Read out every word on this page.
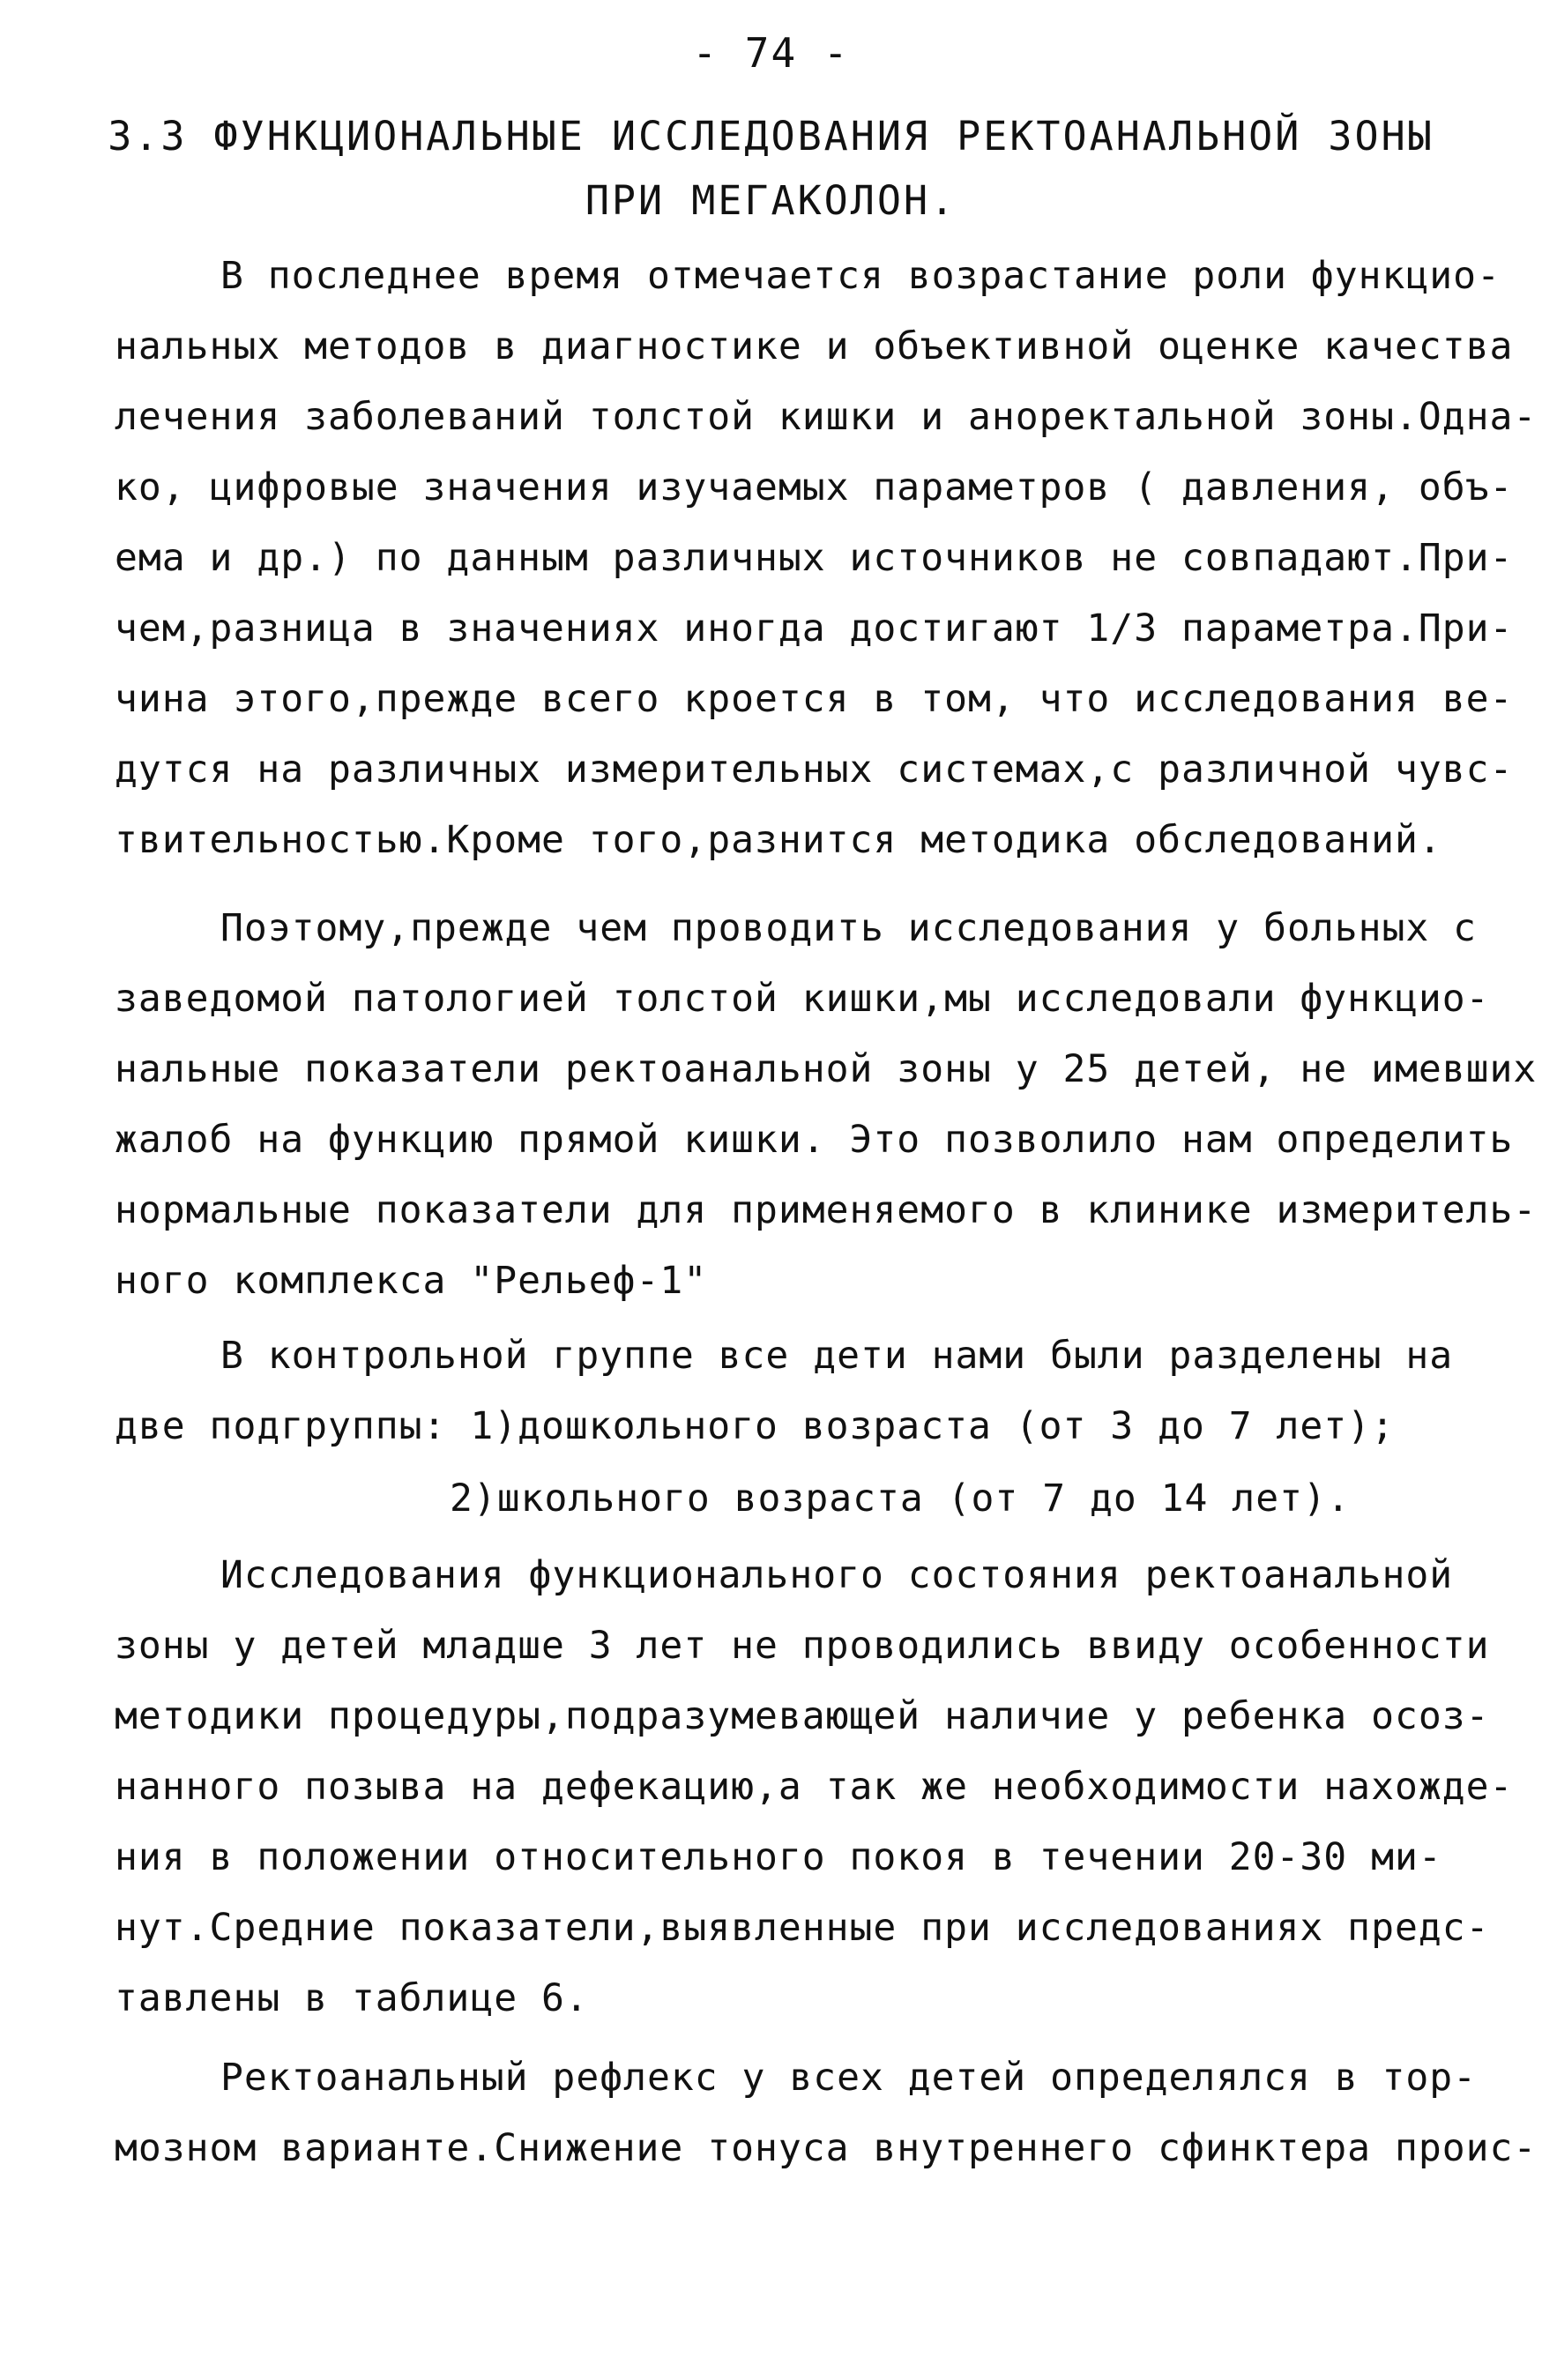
- 74 -
3.3 ФУНКЦИОНАЛЬНЫЕ ИССЛЕДОВАНИЯ РЕКТОАНАЛЬНОЙ ЗОНЫ
ПРИ МЕГАКОЛОН.
В последнее время отмечается возрастание роли функцио-
нальных методов в диагностике и объективной оценке качества
лечения заболеваний толстой кишки и аноректальной зоны.Одна-
ко, цифровые значения изучаемых параметров ( давления, объ-
ема и др.) по данным различных источников не совпадают.При-
чем,разница в значениях иногда достигают 1/3 параметра.При-
чина этого,прежде всего кроется в том, что исследования ве-
дутся на различных измерительных системах,с различной чувс-
твительностью.Кроме того,разнится методика обследований.
Поэтому,прежде чем проводить исследования у больных с
заведомой патологией толстой кишки,мы исследовали функцио-
нальные показатели ректоанальной зоны у 25 детей, не имевших
жалоб на функцию прямой кишки. Это позволило нам определить
нормальные показатели для применяемого в клинике измеритель-
ного комплекса "Рельеф-1"
В контрольной группе все дети нами были разделены на
две подгруппы: 1)дошкольного возраста (от 3 до 7 лет);
2)школьного возраста (от 7 до 14 лет).
Исследования функционального состояния ректоанальной
зоны у детей младше 3 лет не проводились ввиду особенности
методики процедуры,подразумевающей наличие у ребенка осоз-
нанного позыва на дефекацию,а так же необходимости нахожде-
ния в положении относительного покоя в течении 20-30 ми-
нут.Средние показатели,выявленные при исследованиях предс-
тавлены в таблице 6.
Ректоанальный рефлекс у всех детей определялся в тор-
мозном варианте.Снижение тонуса внутреннего сфинктера проис-
